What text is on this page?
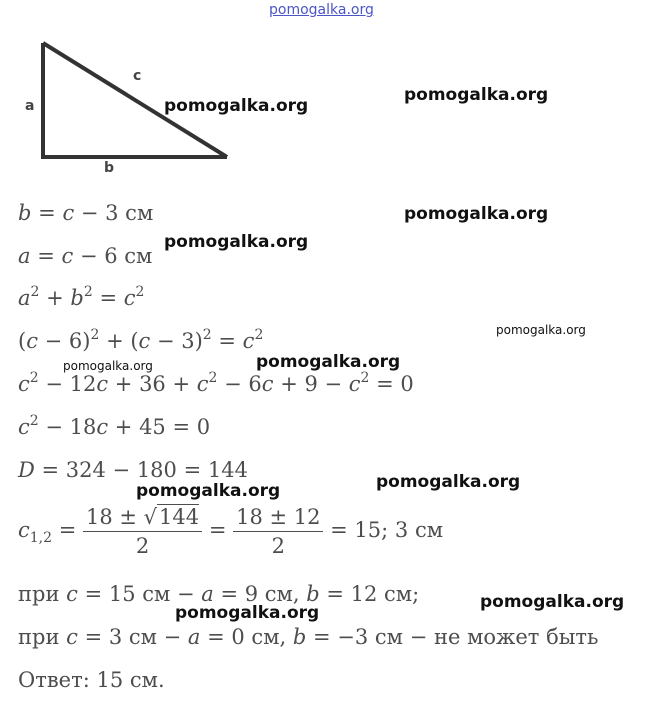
pomogalka.org
a
c
b
pomogalka.org
pomogalka.org
pomogalka.org
pomogalka.org
pomogalka.org
pomogalka.org	pomogalka.org
pomogalka.org
pomogalka.org
pomogalka.org
pomogalka.org
b = c − 3 см
a = c − 6 см
$a^2 + b^2 = c^2$
$(c - 6)^2 + (c - 3)^2 = c^2$
$c^2 - 12c + 36 + c^2 - 6c + 9 - c^2 = 0$
$c^2 - 18c + 45 = 0$
D = 324 − 180 = 144
$c_{1,2} = \frac{18 \pm √144}{2} = \frac{18 \pm 12}{2} = 15$; 3 см
при c = 15 см − a = 9 см, b = 12 см;
при c = 3 см − a = 0 см, b = −3 см − не может быть
Ответ: 15 см.
